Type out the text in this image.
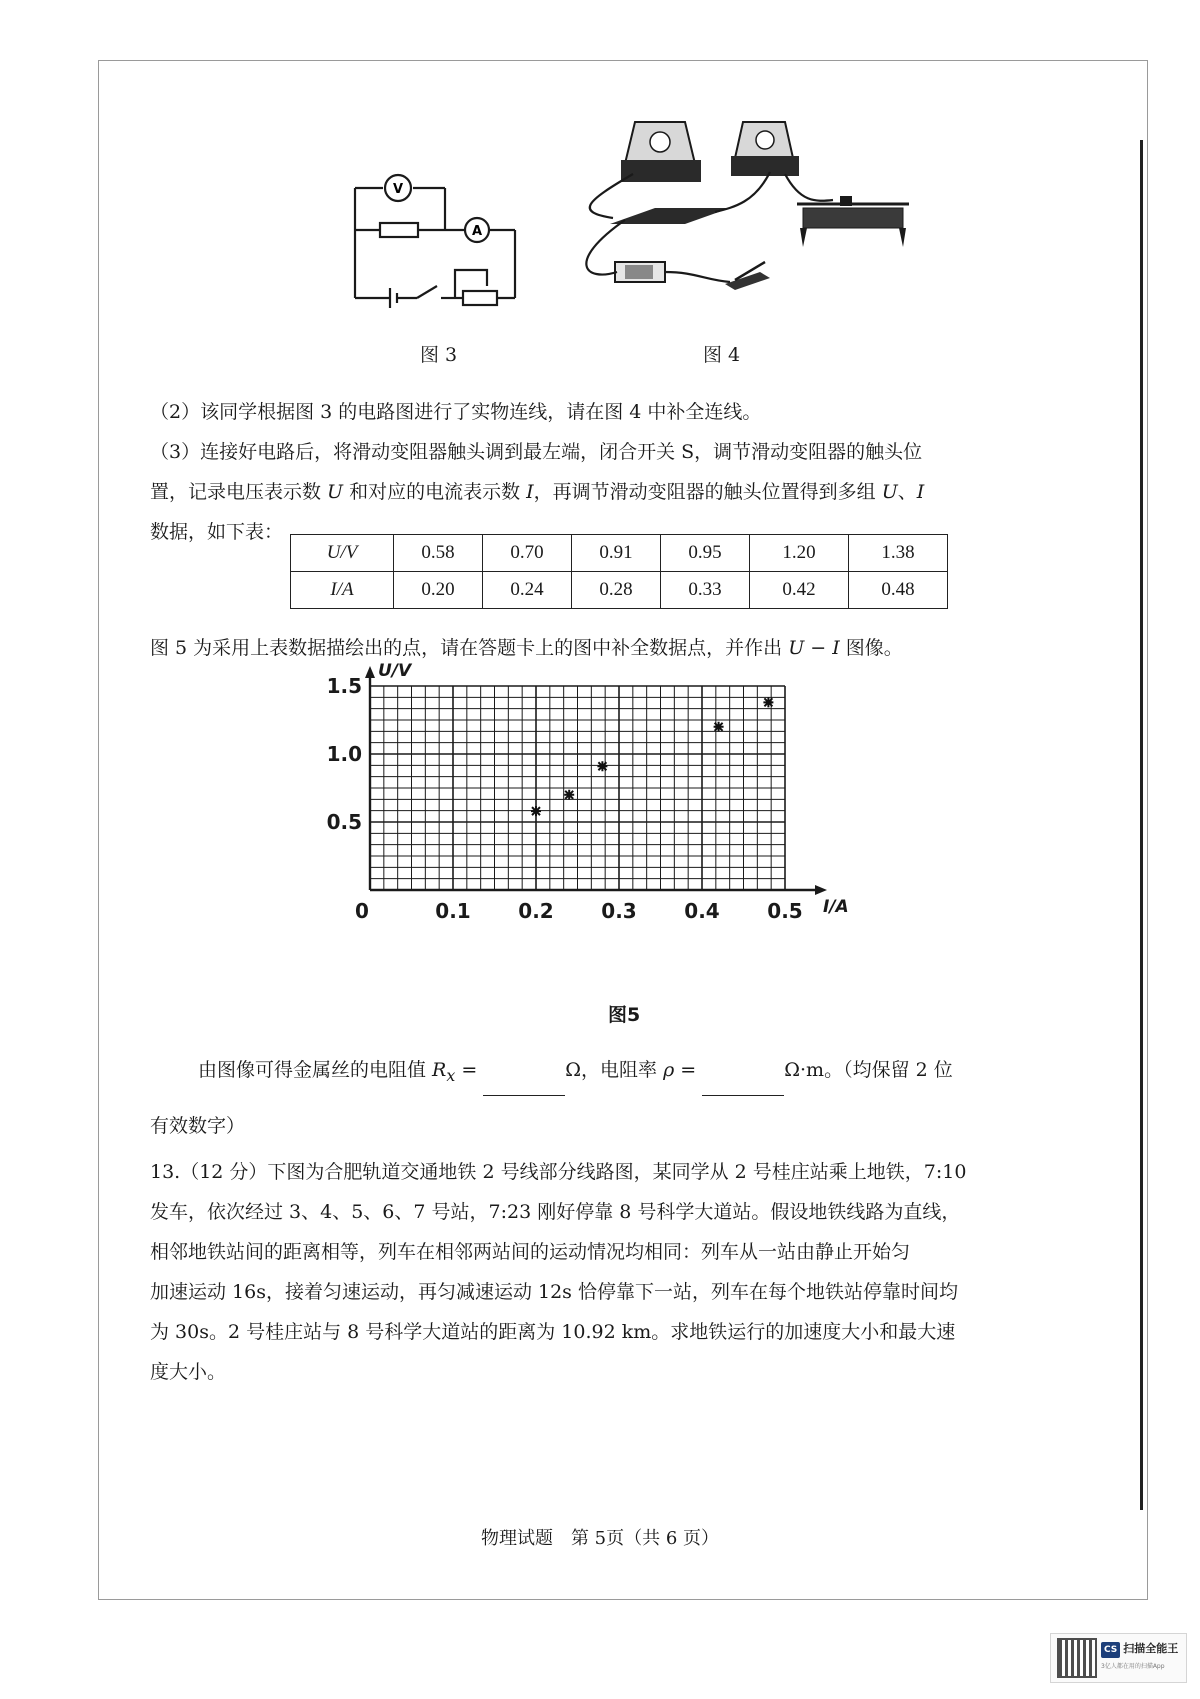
V
A
图 3	图 4

（2）该同学根据图 3 的电路图进行了实物连线，请在图 4 中补全连线。

（3）连接好电路后，将滑动变阻器触头调到最左端，闭合开关 S，调节滑动变阻器的触头位

置，记录电压表示数 U 和对应的电流表示数 I，再调节滑动变阻器的触头位置得到多组 U、I

数据，如下表：

U/V	0.58	0.70	0.91	0.95	1.20	1.38
I/A	0.20	0.24	0.28	0.33	0.42	0.48

图 5 为采用上表数据描绘出的点，请在答题卡上的图中补全数据点，并作出 U − I 图像。

U/V
I/A
0	0.1 0.2 0.3 0.4 0.5
0.5
1.0
1.5
图5

由图像可得金属丝的电阻值 $R_x$ =	Ω，电阻率 ρ =	Ω·m。（均保留 2 位

有效数字）

13.（12 分）下图为合肥轨道交通地铁 2 号线部分线路图，某同学从 2 号桂庄站乘上地铁，7:10

发车，依次经过 3、4、5、6、7 号站，7:23 刚好停靠 8 号科学大道站。假设地铁线路为直线，

相邻地铁站间的距离相等，列车在相邻两站间的运动情况均相同：列车从一站由静止开始匀

加速运动 16s，接着匀速运动，再匀减速运动 12s 恰停靠下一站，列车在每个地铁站停靠时间均

为 30s。2 号桂庄站与 8 号科学大道站的距离为 10.92 km。求地铁运行的加速度大小和最大速

度大小。

物理试题　第 5页（共 6 页）
CS 扫描全能王
3亿人都在用的扫描App
